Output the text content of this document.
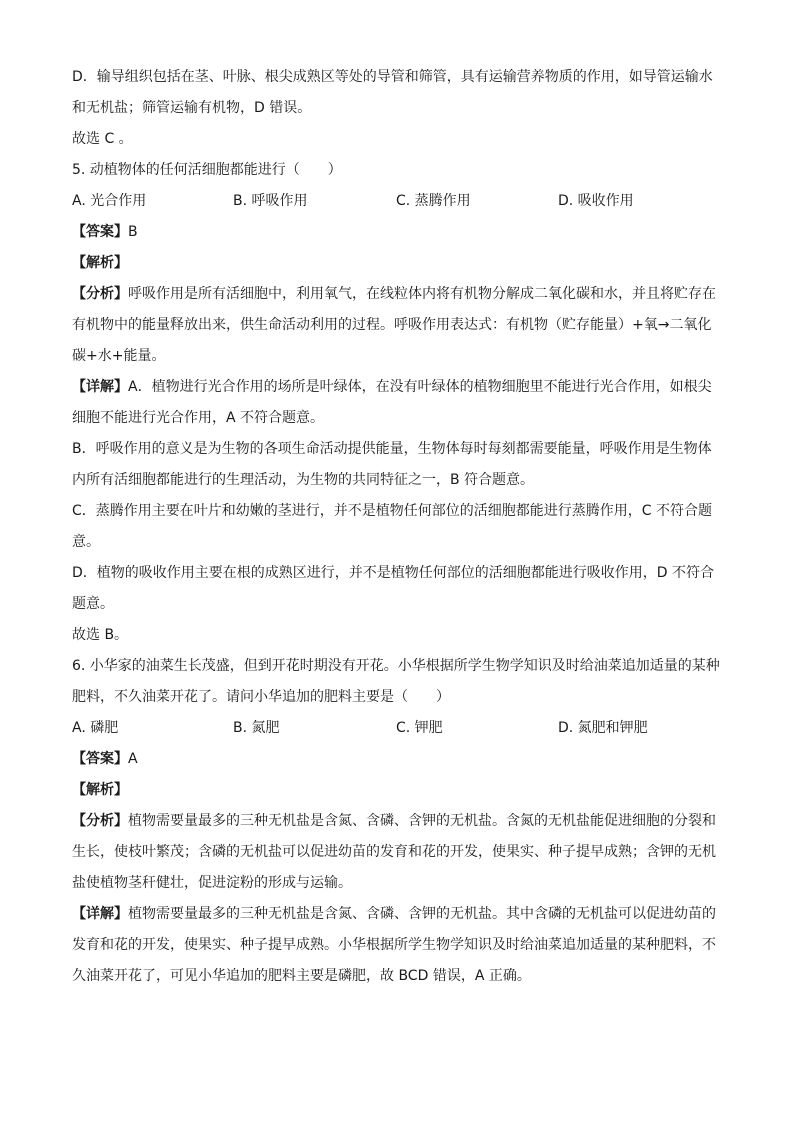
D．输导组织包括在茎、叶脉、根尖成熟区等处的导管和筛管，具有运输营养物质的作用，如导管运输水

和无机盐；筛管运输有机物，D 错误。

故选 C 。

5. 动植物体的任何活细胞都能进行（　　）

A. 光合作用	B. 呼吸作用	C. 蒸腾作用	D. 吸收作用

【答案】B

【解析】

【分析】呼吸作用是所有活细胞中，利用氧气，在线粒体内将有机物分解成二氧化碳和水，并且将贮存在

有机物中的能量释放出来，供生命活动利用的过程。呼吸作用表达式：有机物（贮存能量）+氧→二氧化

碳+水+能量。

【详解】A．植物进行光合作用的场所是叶绿体，在没有叶绿体的植物细胞里不能进行光合作用，如根尖

细胞不能进行光合作用，A 不符合题意。

B．呼吸作用的意义是为生物的各项生命活动提供能量，生物体每时每刻都需要能量，呼吸作用是生物体

内所有活细胞都能进行的生理活动，为生物的共同特征之一，B 符合题意。

C．蒸腾作用主要在叶片和幼嫩的茎进行，并不是植物任何部位的活细胞都能进行蒸腾作用，C 不符合题

意。

D．植物的吸收作用主要在根的成熟区进行，并不是植物任何部位的活细胞都能进行吸收作用，D 不符合

题意。

故选 B。

6. 小华家的油菜生长茂盛，但到开花时期没有开花。小华根据所学生物学知识及时给油菜追加适量的某种

肥料，不久油菜开花了。请问小华追加的肥料主要是（　　）

A. 磷肥	B. 氮肥	C. 钾肥	D. 氮肥和钾肥

【答案】A

【解析】

【分析】植物需要量最多的三种无机盐是含氮、含磷、含钾的无机盐。含氮的无机盐能促进细胞的分裂和

生长，使枝叶繁茂；含磷的无机盐可以促进幼苗的发育和花的开发，使果实、种子提早成熟；含钾的无机

盐使植物茎秆健壮，促进淀粉的形成与运输。

【详解】植物需要量最多的三种无机盐是含氮、含磷、含钾的无机盐。其中含磷的无机盐可以促进幼苗的

发育和花的开发，使果实、种子提早成熟。小华根据所学生物学知识及时给油菜追加适量的某种肥料，不

久油菜开花了，可见小华追加的肥料主要是磷肥，故 BCD 错误，A 正确。
